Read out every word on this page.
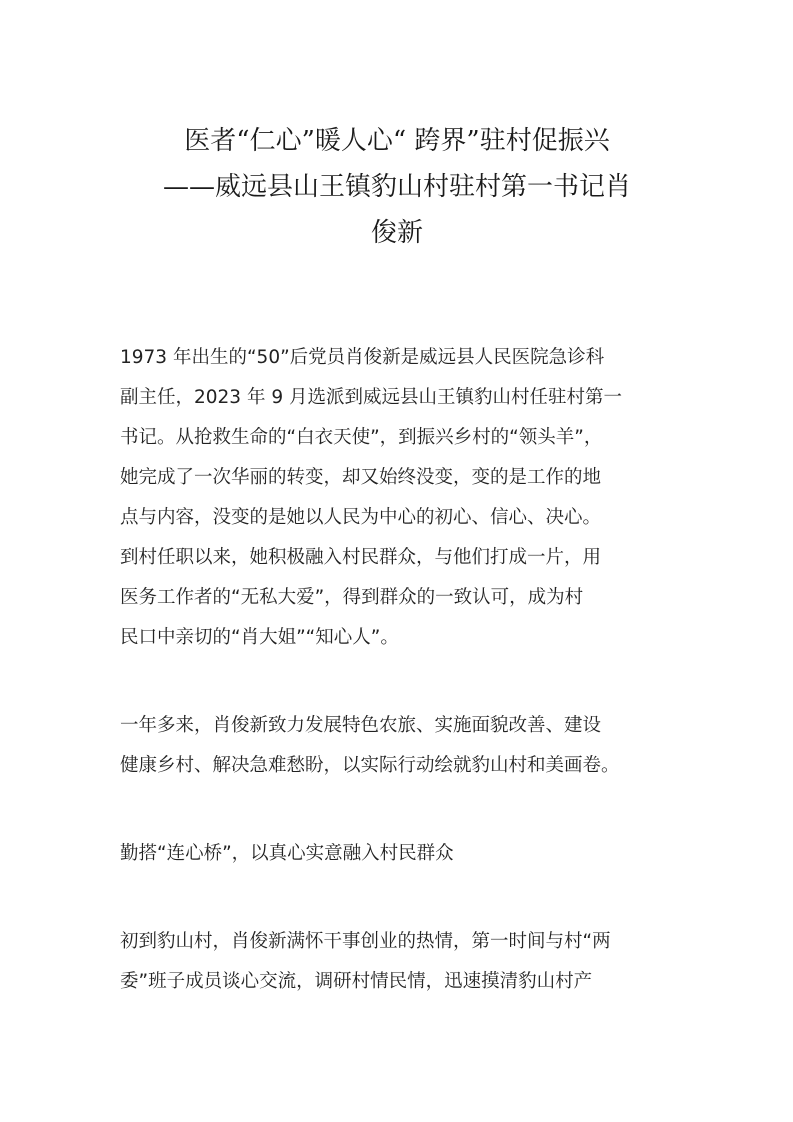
医者“仁心”暖人心“ 跨界”驻村促振兴
——威远县山王镇豹山村驻村第一书记肖
俊新

1973 年出生的“50”后党员肖俊新是威远县人民医院急诊科
副主任，2023 年 9 月选派到威远县山王镇豹山村任驻村第一
书记。从抢救生命的“白衣天使”，到振兴乡村的“领头羊”，
她完成了一次华丽的转变，却又始终没变，变的是工作的地
点与内容，没变的是她以人民为中心的初心、信心、决心。
到村任职以来，她积极融入村民群众，与他们打成一片，用
医务工作者的“无私大爱”，得到群众的一致认可，成为村
民口中亲切的“肖大姐”“知心人”。

一年多来，肖俊新致力发展特色农旅、实施面貌改善、建设
健康乡村、解决急难愁盼，以实际行动绘就豹山村和美画卷。

勤搭“连心桥”，以真心实意融入村民群众

初到豹山村，肖俊新满怀干事创业的热情，第一时间与村“两
委”班子成员谈心交流，调研村情民情，迅速摸清豹山村产
